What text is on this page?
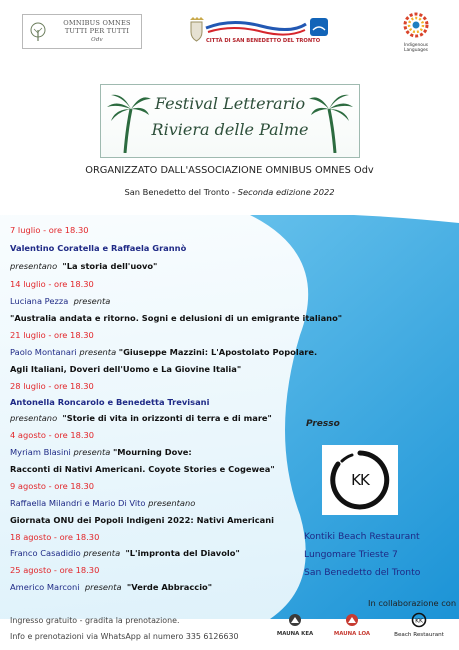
OMNIBUS OMNES
TUTTI PER TUTTI
Odv	CITTÀ DI SAN BENEDETTO DEL TRONTO
Indigenous Languages
Festival Letterario
Riviera delle Palme
ORGANIZZATO DALL'ASSOCIAZIONE OMNIBUS OMNES Odv
San Benedetto del Tronto - Seconda edizione 2022
7 luglio - ore 18.30
Valentino Coratella e Raffaela Grannò
presentano "La storia dell'uovo"
14 luglio - ore 18.30
Luciana Pezza presenta
"Australia andata e ritorno. Sogni e delusioni di un emigrante italiano"
21 luglio - ore 18.30
Paolo Montanari presenta "Giuseppe Mazzini: L'Apostolato Popolare.
Agli Italiani, Doveri dell'Uomo e La Giovine Italia"
28 luglio - ore 18.30
Antonella Roncarolo e Benedetta Trevisani
presentano "Storie di vita in orizzonti di terra e di mare"
4 agosto - ore 18.30
Myriam Blasini presenta "Mourning Dove:
Racconti di Nativi Americani. Coyote Stories e Cogewea"
9 agosto - ore 18.30
Raffaella Milandri e Mario Di Vito presentano
Giornata ONU dei Popoli Indigeni 2022: Nativi Americani
18 agosto - ore 18.30
Franco Casadidio presenta "L'impronta del Diavolo"
25 agosto - ore 18.30
Americo Marconi presenta "Verde Abbraccio"
Presso
KK
Kontiki Beach Restaurant
Lungomare Trieste 7
San Benedetto del Tronto
In collaborazione con
Ingresso gratuito - gradita la prenotazione.
Info e prenotazioni via WhatsApp al numero 335 6126630	MAUNA KEA	MAUNA LOA
KK
Beach Restaurant
